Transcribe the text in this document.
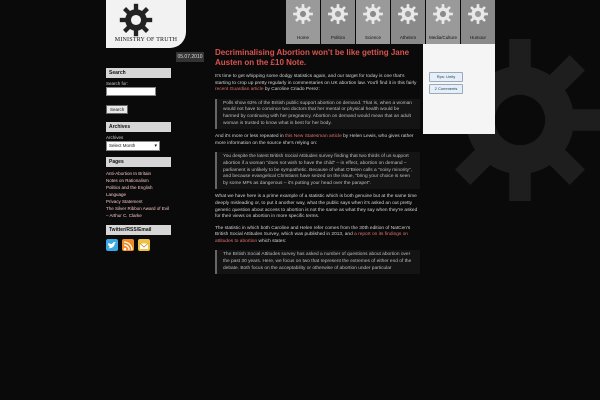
MINISTRY OF TRUTH	Home	Politics	Science	Atheism	Media/Culture	Humour
Rps: Unity
2 Comments
Search
Search for:
Search
Archives
Archives
Select Month ▾
Pages
Anti-Abortion In Britain
Notes on Rationalism
Politics and the English Language
Privacy Statement
The Silver Ribbon Award of Evil – Arthur C. Clarke
Twitter/RSS/Email
05.07.2010 Decriminalising Abortion won't be like getting Jane Austen on the £10 Note.

It's time to get whipping some dodgy statistics again, and our target for today is one that's starting to crop up pretty regularly in commentaries on UK abortion law. You'll find it in this fairly recent Guardian article by Caroline Criado Perez:

Polls show 63% of the British public support abortion on demand. That is, when a woman would not have to convince two doctors that her mental or physical health would be harmed by continuing with her pregnancy. Abortion on demand would mean that an adult woman is trusted to know what is best for her body.

And it's more or less repeated in this New Statesman article by Helen Lewis, who gives rather more information on the source she's relying on:

You despite the latest British Social Attitudes survey finding that two thirds of us support abortion if a woman "does not wish to have the child" – in effect, abortion on demand – parliament is unlikely to be sympathetic. Because of what O'Brien calls a "noisy minority", and because evangelical Christians have seized on the issue, "bring your choice is seen by some MPs as dangerous – it's putting your head over the parapet".

What we have here is a prime example of a statistic which is both genuine but at the same time deeply misleading or, to put it another way, what the public says when it's asked an out pretty generic question about access to abortion is not the same as what they say when they're asked for their views on abortion in more specific terms.

The statistic in which both Caroline and Helen refer comes from the 30th edition of NatCen's British Social Attitudes Survey, which was published in 2013, and a report on its findings on attitudes to abortion which states:

The British Social Attitudes survey has asked a number of questions about abortion over the past 30 years. Here, we focus on two that represent the extremes of either end of the debate. Both focus on the acceptability or otherwise of abortion under particular
